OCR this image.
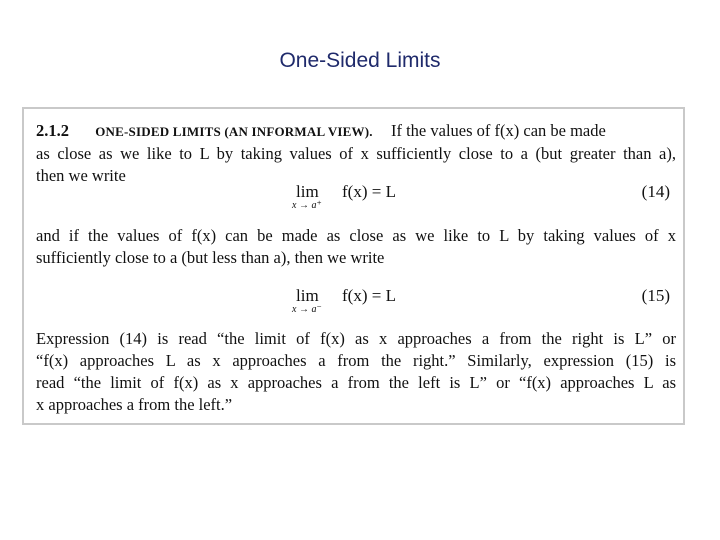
One-Sided Limits
2.1.2 ONE-SIDED LIMITS (AN INFORMAL VIEW). If the values of f(x) can be made
as close as we like to L by taking values of x sufficiently close to a (but greater than a),
then we write
lim
x → a⁺
f(x) = L	(14)
and if the values of f(x) can be made as close as we like to L by taking values of x
sufficiently close to a (but less than a), then we write
lim
x → a⁻
f(x) = L	(15)
Expression (14) is read “the limit of f(x) as x approaches a from the right is L” or
“f(x) approaches L as x approaches a from the right.” Similarly, expression (15) is
read “the limit of f(x) as x approaches a from the left is L” or “f(x) approaches L as
x approaches a from the left.”
